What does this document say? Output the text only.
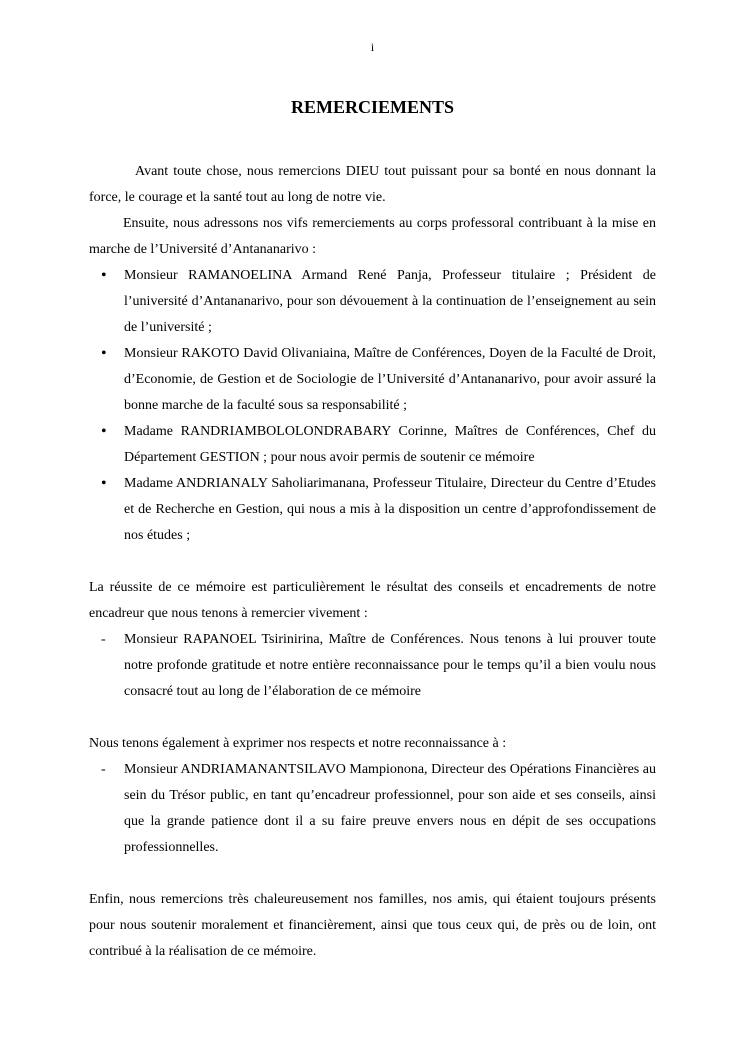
i
REMERCIEMENTS

Avant toute chose, nous remercions DIEU tout puissant pour sa bonté en nous donnant la force, le courage et la santé tout au long de notre vie.

Ensuite, nous adressons nos vifs remerciements au corps professoral contribuant à la mise en marche de l’Université d’Antananarivo :

• Monsieur RAMANOELINA Armand René Panja, Professeur titulaire ; Président de l’université d’Antananarivo, pour son dévouement à la continuation de l’enseignement au sein de l’université ;
• Monsieur RAKOTO David Olivaniaina, Maître de Conférences, Doyen de la Faculté de Droit, d’Economie, de Gestion et de Sociologie de l’Université d’Antananarivo, pour avoir assuré la bonne marche de la faculté sous sa responsabilité ;
• Madame RANDRIAMBOLOLONDRABARY Corinne, Maîtres de Conférences, Chef du Département GESTION ; pour nous avoir permis de soutenir ce mémoire
• Madame ANDRIANALY Saholiarimanana, Professeur Titulaire, Directeur du Centre d’Etudes et de Recherche en Gestion, qui nous a mis à la disposition un centre d’approfondissement de nos études ;

La réussite de ce mémoire est particulièrement le résultat des conseils et encadrements de notre encadreur que nous tenons à remercier vivement :

- Monsieur RAPANOEL Tsirinirina, Maître de Conférences. Nous tenons à lui prouver toute notre profonde gratitude et notre entière reconnaissance pour le temps qu’il a bien voulu nous consacré tout au long de l’élaboration de ce mémoire

Nous tenons également à exprimer nos respects et notre reconnaissance à :

- Monsieur ANDRIAMANANTSILAVO Mampionona, Directeur des Opérations Financières au sein du Trésor public, en tant qu’encadreur professionnel, pour son aide et ses conseils, ainsi que la grande patience dont il a su faire preuve envers nous en dépit de ses occupations professionnelles.

Enfin, nous remercions très chaleureusement nos familles, nos amis, qui étaient toujours présents pour nous soutenir moralement et financièrement, ainsi que tous ceux qui, de près ou de loin, ont contribué à la réalisation de ce mémoire.
